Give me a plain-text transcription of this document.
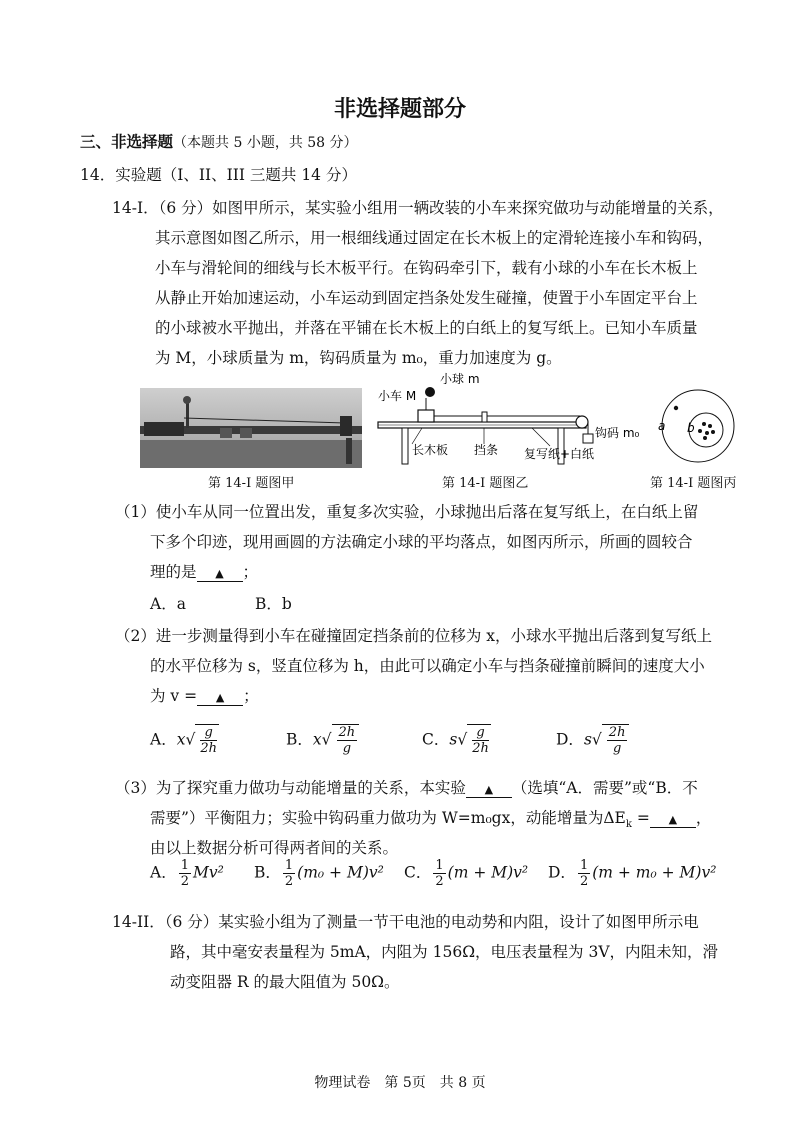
非选择题部分
三、非选择题（本题共 5 小题，共 58 分）
14．实验题（I、II、III 三题共 14 分）
14-I．（6 分）如图甲所示，某实验小组用一辆改装的小车来探究做功与动能增量的关系，
其示意图如图乙所示，用一根细线通过固定在长木板上的定滑轮连接小车和钩码，
小车与滑轮间的细线与长木板平行。在钩码牵引下，载有小球的小车在长木板上
从静止开始加速运动，小车运动到固定挡条处发生碰撞，使置于小车固定平台上
的小球被水平抛出，并落在平铺在长木板上的白纸上的复写纸上。已知小车质量
为 M，小球质量为 m，钩码质量为 m₀，重力加速度为 g。
第 14-I 题图甲
小球 m
小车 M
长木板 挡条 复写纸+白纸
钩码 m₀
第 14-I 题图乙
a b
第 14-I 题图丙
（1）使小车从同一位置出发，重复多次实验，小球抛出后落在复写纸上，在白纸上留
下多个印迹，现用画圆的方法确定小球的平均落点，如图丙所示，所画的圆较合
理的是 ▲ ；
A．a	B．b
（2）进一步测量得到小车在碰撞固定挡条前的位移为 x，小球水平抛出后落到复写纸上
的水平位移为 s，竖直位移为 h，由此可以确定小车与挡条碰撞前瞬间的速度大小
为 v = ▲ ；
A．$x√ \frac{g}{2h}$	B．$x√ \frac{2h}{g}$	C．$s√ \frac{g}{2h}$	D．$s√ \frac{2h}{g}$
（3）为了探究重力做功与动能增量的关系，本实验 ▲ （选填“A．需要”或“B．不
需要”）平衡阻力；实验中钩码重力做功为 W=m₀gx，动能增量为$\Delta E_k$ = ▲ ，
由以上数据分析可得两者间的关系。
A． $\frac{1}{2} Mv^2$ B． $\frac{1}{2} (m_0 + M)v^2$ C． $\frac{1}{2} (m + M)v^2$ D． $\frac{1}{2} (m + m_0 + M)v^2$
14-II．（6 分）某实验小组为了测量一节干电池的电动势和内阻，设计了如图甲所示电
路，其中毫安表量程为 5mA，内阻为 156Ω，电压表量程为 3V，内阻未知，滑
动变阻器 R 的最大阻值为 50Ω。
物理试卷　第 5页　共 8 页
